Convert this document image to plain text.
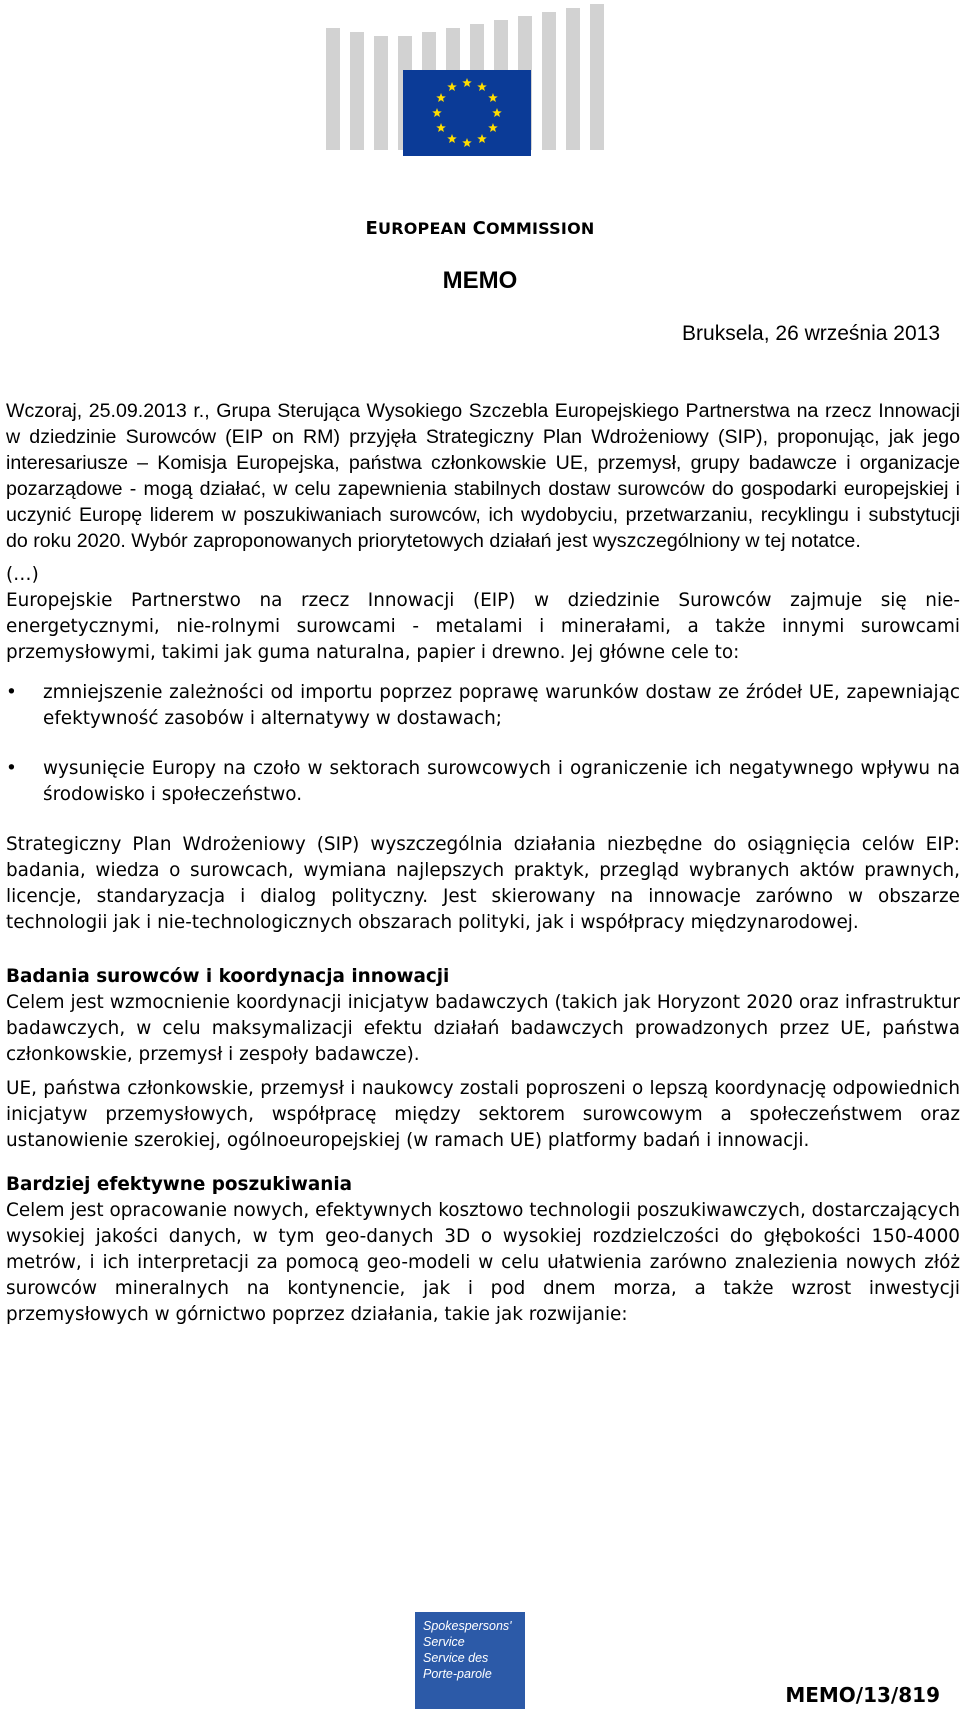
EUROPEAN COMMISSION
MEMO
Bruksela, 26 września 2013

Wczoraj, 25.09.2013 r., Grupa Sterująca Wysokiego Szczebla Europejskiego Partnerstwa na rzecz Innowacji w dziedzinie Surowców (EIP on RM) przyjęła Strategiczny Plan Wdrożeniowy (SIP), proponując, jak jego interesariusze – Komisja Europejska, państwa członkowskie UE, przemysł, grupy badawcze i organizacje pozarządowe - mogą działać, w celu zapewnienia stabilnych dostaw surowców do gospodarki europejskiej i uczynić Europę liderem w poszukiwaniach surowców, ich wydobyciu, przetwarzaniu, recyklingu i substytucji do roku 2020. Wybór zaproponowanych priorytetowych działań jest wyszczególniony w tej notatce.

(…)

Europejskie Partnerstwo na rzecz Innowacji (EIP) w dziedzinie Surowców zajmuje się nie-energetycznymi, nie-rolnymi surowcami - metalami i minerałami, a także innymi surowcami przemysłowymi, takimi jak guma naturalna, papier i drewno. Jej główne cele to:

• zmniejszenie zależności od importu poprzez poprawę warunków dostaw ze źródeł UE, zapewniając efektywność zasobów i alternatywy w dostawach;
• wysunięcie Europy na czoło w sektorach surowcowych i ograniczenie ich negatywnego wpływu na środowisko i społeczeństwo.

Strategiczny Plan Wdrożeniowy (SIP) wyszczególnia działania niezbędne do osiągnięcia celów EIP: badania, wiedza o surowcach, wymiana najlepszych praktyk, przegląd wybranych aktów prawnych, licencje, standaryzacja i dialog polityczny. Jest skierowany na innowacje zarówno w obszarze technologii jak i nie-technologicznych obszarach polityki, jak i współpracy międzynarodowej.

Badania surowców i koordynacja innowacji

Celem jest wzmocnienie koordynacji inicjatyw badawczych (takich jak Horyzont 2020 oraz infrastruktur badawczych, w celu maksymalizacji efektu działań badawczych prowadzonych przez UE, państwa członkowskie, przemysł i zespoły badawcze).

UE, państwa członkowskie, przemysł i naukowcy zostali poproszeni o lepszą koordynację odpowiednich inicjatyw przemysłowych, współpracę między sektorem surowcowym a społeczeństwem oraz ustanowienie szerokiej, ogólnoeuropejskiej (w ramach UE) platformy badań i innowacji.

Bardziej efektywne poszukiwania

Celem jest opracowanie nowych, efektywnych kosztowo technologii poszukiwawczych, dostarczających wysokiej jakości danych, w tym geo-danych 3D o wysokiej rozdzielczości do głębokości 150-4000 metrów, i ich interpretacji za pomocą geo-modeli w celu ułatwienia zarówno znalezienia nowych złóż surowców mineralnych na kontynencie, jak i pod dnem morza, a także wzrost inwestycji przemysłowych w górnictwo poprzez działania, takie jak rozwijanie:

Spokespersons'
Service
Service des
Porte-parole
MEMO/13/819
